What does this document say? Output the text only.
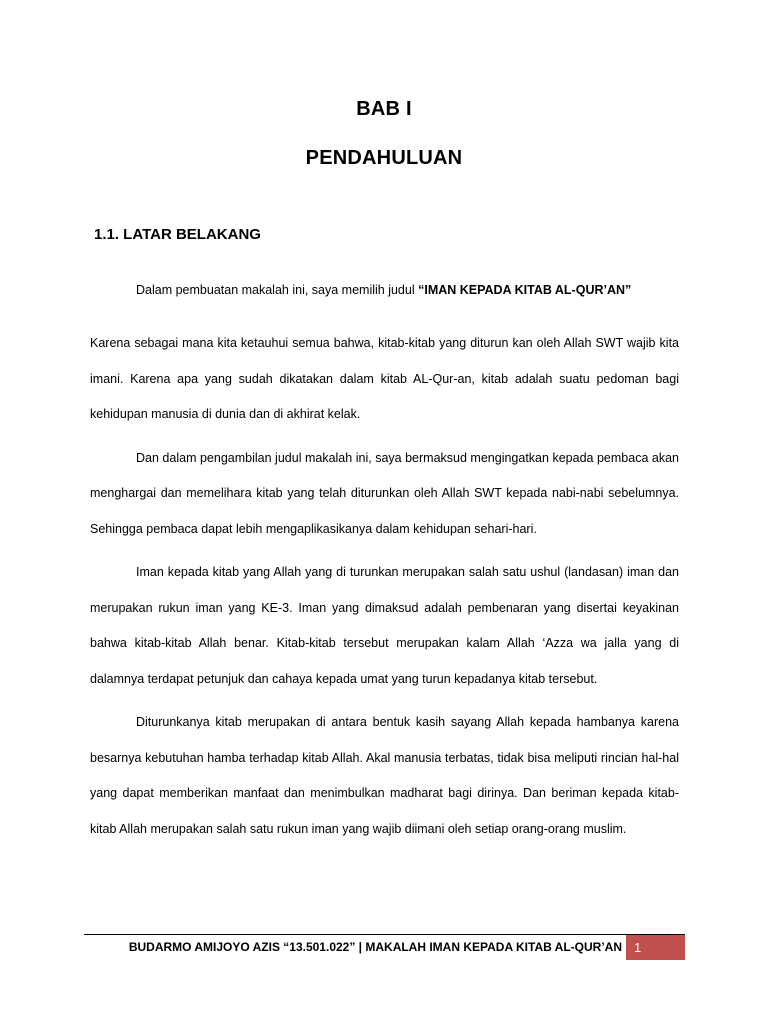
BAB I
PENDAHULUAN
1.1. LATAR BELAKANG

Dalam pembuatan makalah ini, saya memilih judul “IMAN KEPADA KITAB AL-QUR’AN”

Karena sebagai mana kita ketauhui semua bahwa, kitab-kitab yang diturun kan oleh Allah SWT wajib kita imani. Karena apa yang sudah dikatakan dalam kitab AL-Qur-an, kitab adalah suatu pedoman bagi kehidupan manusia di dunia dan di akhirat kelak.

Dan dalam pengambilan judul makalah ini, saya bermaksud mengingatkan kepada pembaca akan menghargai dan memelihara kitab yang telah diturunkan oleh Allah SWT kepada nabi-nabi sebelumnya. Sehingga pembaca dapat lebih mengaplikasikanya dalam kehidupan sehari-hari.

Iman kepada kitab yang Allah yang di turunkan merupakan salah satu ushul (landasan) iman dan merupakan rukun iman yang KE-3. Iman yang dimaksud adalah pembenaran yang disertai keyakinan bahwa kitab-kitab Allah benar. Kitab-kitab tersebut merupakan kalam Allah ‘Azza wa jalla yang di dalamnya terdapat petunjuk dan cahaya kepada umat yang turun kepadanya kitab tersebut.

Diturunkanya kitab merupakan di antara bentuk kasih sayang Allah kepada hambanya karena besarnya kebutuhan hamba terhadap kitab Allah. Akal manusia terbatas, tidak bisa meliputi rincian hal-hal yang dapat memberikan manfaat dan menimbulkan madharat bagi dirinya. Dan beriman kepada kitab-kitab Allah merupakan salah satu rukun iman yang wajib diimani oleh setiap orang-orang muslim.

BUDARMO AMIJOYO AZIS “13.501.022” | MAKALAH IMAN KEPADA KITAB AL-QUR’AN 1
